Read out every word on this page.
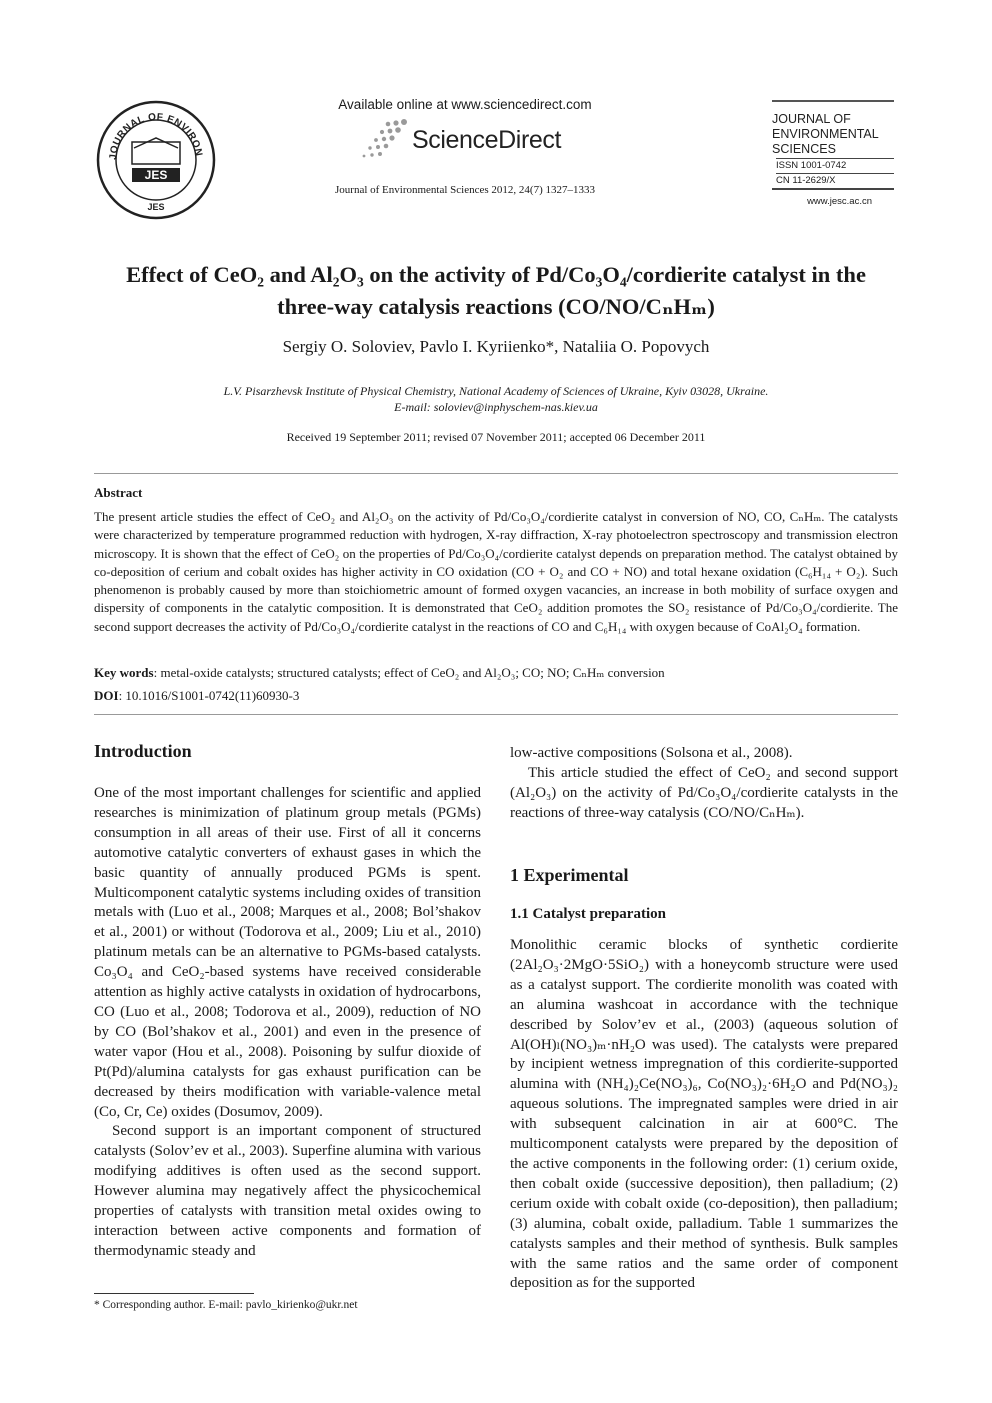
JOURNAL OF ENVIRON
JES
JES
Available online at www.sciencedirect.com
ScienceDirect
Journal of Environmental Sciences 2012, 24(7) 1327–1333
JOURNAL OF
ENVIRONMENTAL
SCIENCES
ISSN 1001-0742
CN 11-2629/X
www.jesc.ac.cn
Effect of CeO₂ and Al₂O₃ on the activity of Pd/Co₃O₄/cordierite catalyst in the
three-way catalysis reactions (CO/NO/CₙHₘ)
Sergiy O. Soloviev, Pavlo I. Kyriienko*, Nataliia O. Popovych
L.V. Pisarzhevsk Institute of Physical Chemistry, National Academy of Sciences of Ukraine, Kyiv 03028, Ukraine.
E-mail: soloviev@inphyschem-nas.kiev.ua
Received 19 September 2011; revised 07 November 2011; accepted 06 December 2011
Abstract
The present article studies the effect of CeO₂ and Al₂O₃ on the activity of Pd/Co₃O₄/cordierite catalyst in conversion of NO, CO, CₙHₘ. The catalysts were characterized by temperature programmed reduction with hydrogen, X-ray diffraction, X-ray photoelectron spectroscopy and transmission electron microscopy. It is shown that the effect of CeO₂ on the properties of Pd/Co₃O₄/cordierite catalyst depends on preparation method. The catalyst obtained by co-deposition of cerium and cobalt oxides has higher activity in CO oxidation (CO + O₂ and CO + NO) and total hexane oxidation (C₆H₁₄ + O₂). Such phenomenon is probably caused by more than stoichiometric amount of formed oxygen vacancies, an increase in both mobility of surface oxygen and dispersity of components in the catalytic composition. It is demonstrated that CeO₂ addition promotes the SO₂ resistance of Pd/Co₃O₄/cordierite. The second support decreases the activity of Pd/Co₃O₄/cordierite catalyst in the reactions of CO and C₆H₁₄ with oxygen because of CoAl₂O₄ formation.
Key words: metal-oxide catalysts; structured catalysts; effect of CeO₂ and Al₂O₃; CO; NO; CₙHₘ conversion
DOI: 10.1016/S1001-0742(11)60930-3
Introduction

One of the most important challenges for scientific and applied researches is minimization of platinum group metals (PGMs) consumption in all areas of their use. First of all it concerns automotive catalytic converters of exhaust gases in which the basic quantity of annually produced PGMs is spent. Multicomponent catalytic systems including oxides of transition metals with (Luo et al., 2008; Marques et al., 2008; Bol’shakov et al., 2001) or without (Todorova et al., 2009; Liu et al., 2010) platinum metals can be an alternative to PGMs-based catalysts. Co₃O₄ and CeO₂-based systems have received considerable attention as highly active catalysts in oxidation of hydrocarbons, CO (Luo et al., 2008; Todorova et al., 2009), reduction of NO by CO (Bol’shakov et al., 2001) and even in the presence of water vapor (Hou et al., 2008). Poisoning by sulfur dioxide of Pt(Pd)/alumina catalysts for gas exhaust purification can be decreased by theirs modification with variable-valence metal (Co, Cr, Ce) oxides (Dosumov, 2009).

Second support is an important component of structured catalysts (Solov’ev et al., 2003). Superfine alumina with various modifying additives is often used as the second support. However alumina may negatively affect the physicochemical properties of catalysts with transition metal oxides owing to interaction between active components and formation of thermodynamic steady and

low-active compositions (Solsona et al., 2008).

This article studied the effect of CeO₂ and second support (Al₂O₃) on the activity of Pd/Co₃O₄/cordierite catalysts in the reactions of three-way catalysis (CO/NO/CₙHₘ).

1 Experimental
1.1 Catalyst preparation

Monolithic ceramic blocks of synthetic cordierite (2Al₂O₃·2MgO·5SiO₂) with a honeycomb structure were used as a catalyst support. The cordierite monolith was coated with an alumina washcoat in accordance with the technique described by Solov’ev et al., (2003) (aqueous solution of Al(OH)ₗ(NO₃)ₘ·nH₂O was used). The catalysts were prepared by incipient wetness impregnation of this cordierite-supported alumina with (NH₄)₂Ce(NO₃)₆, Co(NO₃)₂·6H₂O and Pd(NO₃)₂ aqueous solutions. The impregnated samples were dried in air with subsequent calcination in air at 600°C. The multicomponent catalysts were prepared by the deposition of the active components in the following order: (1) cerium oxide, then cobalt oxide (successive deposition), then palladium; (2) cerium oxide with cobalt oxide (co-deposition), then palladium; (3) alumina, cobalt oxide, palladium. Table 1 summarizes the catalysts samples and their method of synthesis. Bulk samples with the same ratios and the same order of component deposition as for the supported

* Corresponding author. E-mail: pavlo_kirienko@ukr.net
